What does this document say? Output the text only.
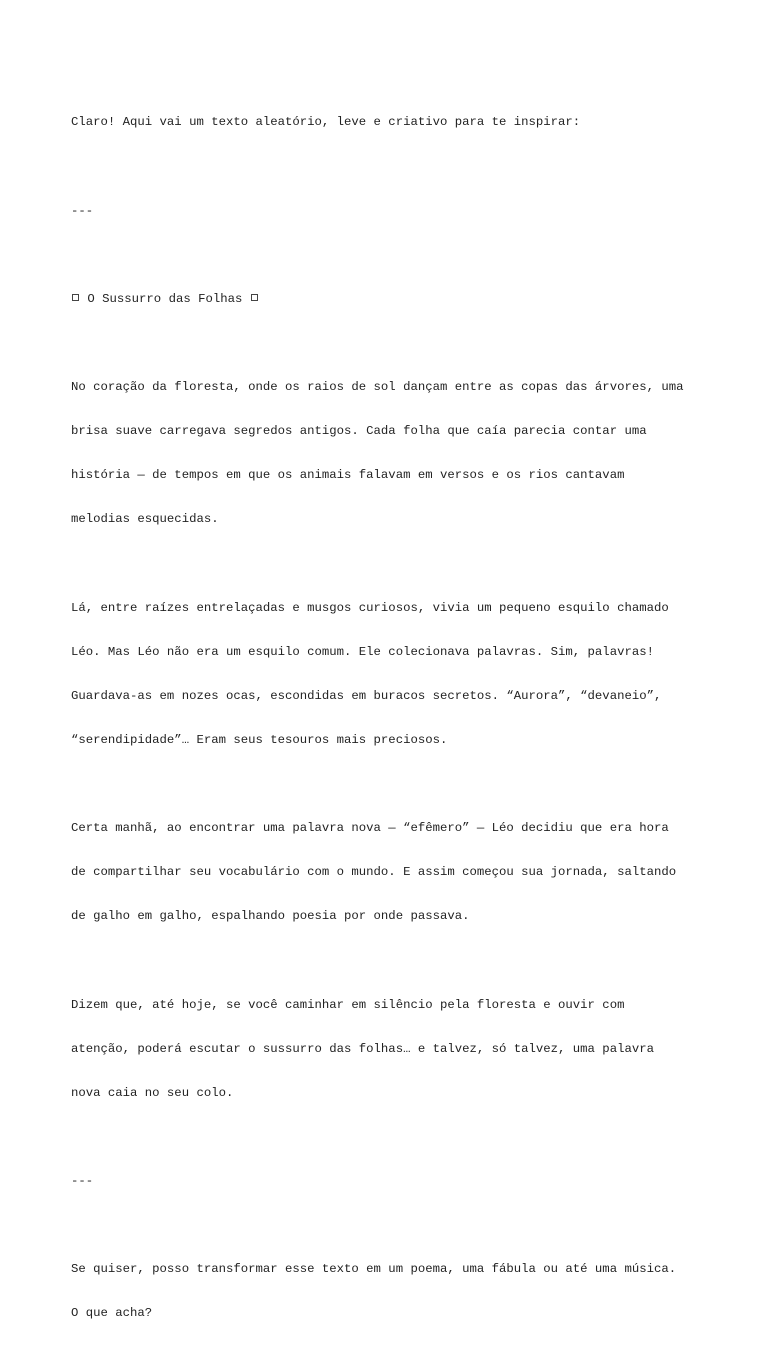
Claro! Aqui vai um texto aleatório, leve e criativo para te inspirar:

---

O Sussurro das Folhas

No coração da floresta, onde os raios de sol dançam entre as copas das árvores, uma

brisa suave carregava segredos antigos. Cada folha que caía parecia contar uma

história — de tempos em que os animais falavam em versos e os rios cantavam

melodias esquecidas.

Lá, entre raízes entrelaçadas e musgos curiosos, vivia um pequeno esquilo chamado

Léo. Mas Léo não era um esquilo comum. Ele colecionava palavras. Sim, palavras!

Guardava-as em nozes ocas, escondidas em buracos secretos. “Aurora”, “devaneio”,

“serendipidade”… Eram seus tesouros mais preciosos.

Certa manhã, ao encontrar uma palavra nova — “efêmero” — Léo decidiu que era hora

de compartilhar seu vocabulário com o mundo. E assim começou sua jornada, saltando

de galho em galho, espalhando poesia por onde passava.

Dizem que, até hoje, se você caminhar em silêncio pela floresta e ouvir com

atenção, poderá escutar o sussurro das folhas… e talvez, só talvez, uma palavra

nova caia no seu colo.

---

Se quiser, posso transformar esse texto em um poema, uma fábula ou até uma música.

O que acha?
